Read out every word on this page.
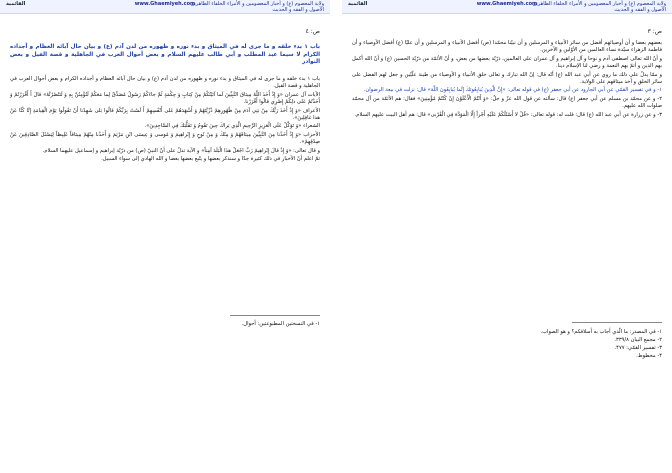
ولایة المعصوم (ع) و أخبار المعصومين و الأمراء الخلفاء الظاهرين
www.Ghaemiyeh.com
القائمية
الأصول و الفقه و الحديث
ص: ٣

بعضهم بعضا و أن أوصيائهم أفضل من سائر الأنبياء و المرسلين و أن نبيّنا محمّدا (ص) أفضل الأنبياء و المرسلين و أن عليّا (ع) أفضل الأوصياء و أن فاطمة الزهراء سيّدة نساء العالمين من الأوّلين و الآخرين.

و أنّ الله تعالى اصطفى آدم و نوحا و آل إبراهيم و آل عمران على العالمين، ذرّيّة بعضها من بعض، و أنّ الأئمّة من ذرّيّة الحسين (ع) و أنّ الله أكمل بهم الدين و أتمّ بهم النعمة و رضي لنا الإسلام دينا.

و ممّا يدلّ على ذلك ما روي عن أبي عبد الله (ع) أنّه قال: إنّ الله تبارك و تعالى خلق الأنبياء و الأوصياء من طينة علّيّين و جعل لهم الفضل على سائر الخلق و أخذ ميثاقهم على الولاية.

۱- و في تفسير القمّي عن أبي الجارود عن أبي جعفر (ع) في قوله تعالى: «إِنَّ الَّذِينَ يُبايِعُونَكَ إِنَّما يُبايِعُونَ اللَّهَ» قال: نزلت في بيعة الرضوان.

۲- و عن محمّد بن مسلم عن أبي جعفر (ع) قال: سألته عن قول الله عزّ و جلّ: «وَ أَنْتُمُ الْأَعْلَوْنَ إِنْ كُنْتُمْ مُؤْمِنِينَ» فقال: هم الأئمّة من آل محمّد صلوات الله عليهم.

٣- و عن زرارة عن أبي عبد الله (ع) قال: قلت له: قوله تعالى: «قُلْ لا أَسْئَلُكُمْ عَلَيْهِ أَجْراً إِلَّا الْمَوَدَّةَ فِي الْقُرْبى» قال: هم أهل البيت عليهم السلام.

۱- في المصدر: ما الّذي أجاب به أسلافكم؟ و هو الصواب.
۲- مجمع البيان ۳۳۹/۸.
۳- تفسير القمّي: ۴۷۷.
۴- مخطوط.
ولایة المعصوم (ع) و أخبار المعصومين و الأمراء الخلفاء الظاهرين
www.Ghaemiyeh.com
القائمية
الأصول و الفقه و الحديث
ص: ٤
باب ۱ بدء خلقه و ما جرى له في الميثاق و بدء نوره و ظهوره من لدن آدم (ع) و بيان حال آبائه العظام و أجداده الكرام لا سيما عبد المطلب و أبي طالب عليهم السلام و بعض أحوال العرب في الجاهلية و قصة الفيل و بعض النوادر

باب ۱ بدء خلقه و ما جرى له في الميثاق و بدء نوره و ظهوره من لدن آدم (ع) و بيان حال آبائه العظام و أجداده الكرام و بعض أحوال العرب في الجاهلية و قصة الفيل.

الآيات آل عمران «وَ إِذْ أَخَذَ اللَّهُ مِيثاقَ النَّبِيِّينَ لَما آتَيْتُكُمْ مِنْ كِتابٍ وَ حِكْمَةٍ ثُمَّ جاءَكُمْ رَسُولٌ مُصَدِّقٌ لِما مَعَكُمْ لَتُؤْمِنُنَّ بِهِ وَ لَتَنْصُرُنَّهُ» قالَ أَ أَقْرَرْتُمْ وَ أَخَذْتُمْ عَلى ذلِكُمْ إِصْرِي قالُوا أَقْرَرْنا.

الأعراف «وَ إِذْ أَخَذَ رَبُّكَ مِنْ بَنِي آدَمَ مِنْ ظُهُورِهِمْ ذُرِّيَّتَهُمْ وَ أَشْهَدَهُمْ عَلى أَنْفُسِهِمْ أَ لَسْتُ بِرَبِّكُمْ قالُوا بَلى شَهِدْنا أَنْ تَقُولُوا يَوْمَ الْقِيامَةِ إِنَّا كُنَّا عَنْ هذا غافِلِينَ».

الشعراء «وَ تَوَكَّلْ عَلَى الْعَزِيزِ الرَّحِيمِ الَّذِي يَراكَ حِينَ تَقُومُ وَ تَقَلُّبَكَ فِي السَّاجِدِينَ».

الأحزاب «وَ إِذْ أَخَذْنا مِنَ النَّبِيِّينَ مِيثاقَهُمْ وَ مِنْكَ وَ مِنْ نُوحٍ وَ إِبْراهِيمَ وَ مُوسى وَ عِيسَى ابْنِ مَرْيَمَ وَ أَخَذْنا مِنْهُمْ مِيثاقاً غَلِيظاً لِيَسْئَلَ الصَّادِقِينَ عَنْ صِدْقِهِمْ».

و قال تعالى: «وَ إِذْ قالَ إِبْراهِيمُ رَبِّ اجْعَلْ هذَا الْبَلَدَ آمِناً» و الآية تدلّ على أنّ النبيّ (ص) من ذرّيّة إبراهيم و إسماعيل عليهما السلام.

ثمّ اعلم أنّ الأخبار في ذلك كثيرة جدّا و سنذكر بعضها و يتّبع بعضها بعضا و الله الهادي إلى سواء السبيل.

۱- في النسختين المطبوعتين: أحوال.
